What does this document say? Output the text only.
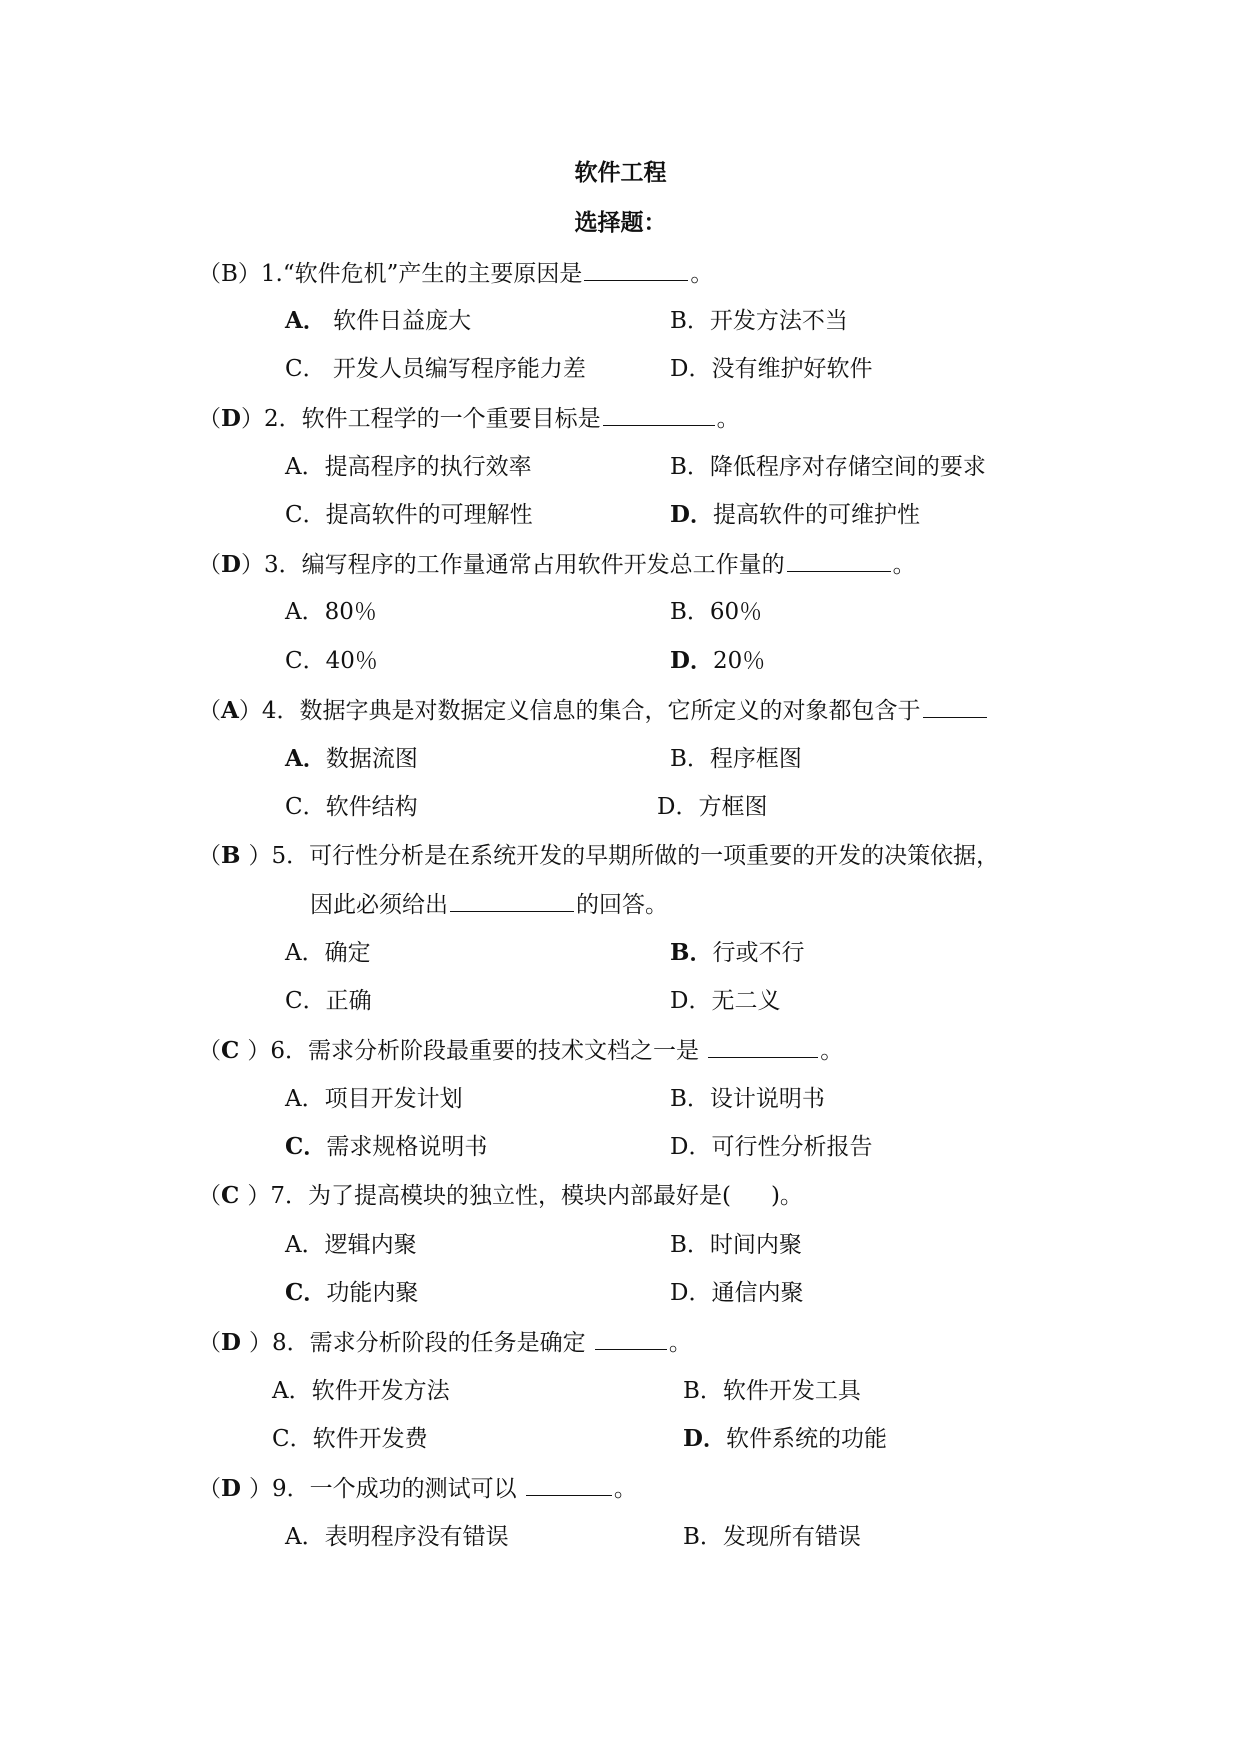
软件工程
选择题：
（B）1.“软件危机”产生的主要原因是	。
A． 软件日益庞大	B．开发方法不当
C． 开发人员编写程序能力差	D．没有维护好软件
（D）2．软件工程学的一个重要目标是	。
A．提高程序的执行效率	B．降低程序对存储空间的要求
C．提高软件的可理解性	D．提高软件的可维护性
（D）3．编写程序的工作量通常占用软件开发总工作量的	。
A．80％	B．60％
C．40％	D．20％
（A）4．数据字典是对数据定义信息的集合，它所定义的对象都包含于
A．数据流图	B．程序框图
C．软件结构	D．方框图
（B ）5．可行性分析是在系统开发的早期所做的一项重要的开发的决策依据，
因此必须给出	的回答。
A．确定	B．行或不行
C．正确	D．无二义
（C ）6．需求分析阶段最重要的技术文档之一是	。
A．项目开发计划	B．设计说明书
C．需求规格说明书	D．可行性分析报告
（C ）7．为了提高模块的独立性，模块内部最好是( )。
A．逻辑内聚	B．时间内聚
C．功能内聚	D．通信内聚
（D ）8．需求分析阶段的任务是确定	。
A．软件开发方法	B．软件开发工具
C．软件开发费	D．软件系统的功能
（D ）9．一个成功的测试可以	。
A．表明程序没有错误	B．发现所有错误
